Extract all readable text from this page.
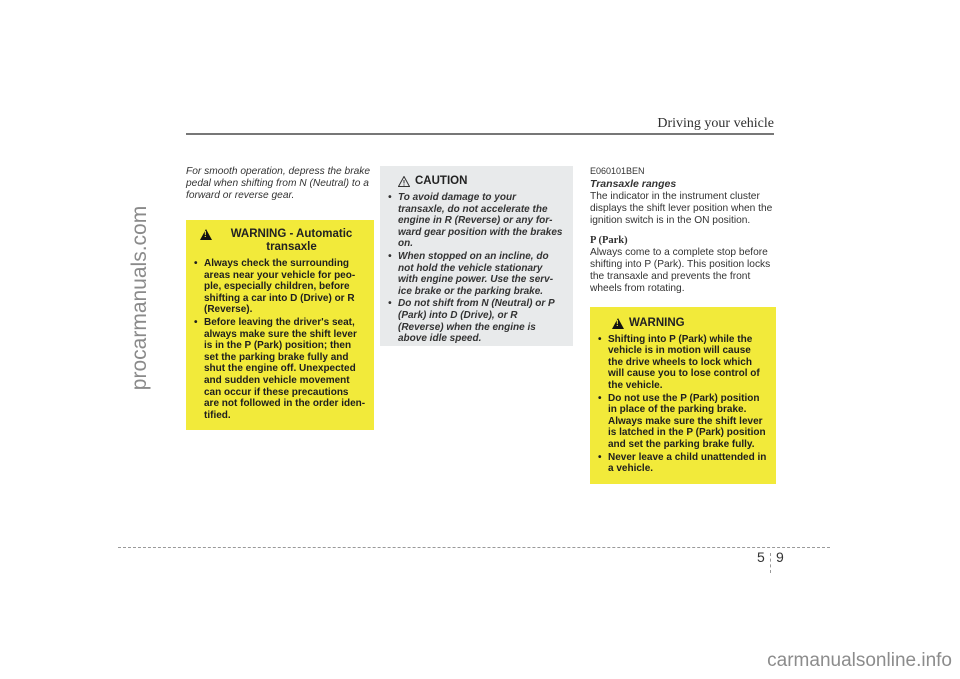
procarmanuals.com
Driving your vehicle

For smooth operation, depress the brake pedal when shifting from N (Neutral) to a forward or reverse gear.

!
WARNING - Automatic
transaxle
• Always check the surrounding areas near your vehicle for peo-ple, especially children, before shifting a car into D (Drive) or R (Reverse).
• Before leaving the driver's seat, always make sure the shift lever is in the P (Park) position; then set the parking brake fully and shut the engine off. Unexpected and sudden vehicle movement can occur if these precautions are not followed in the order iden-tified.
CAUTION
• To avoid damage to your transaxle, do not accelerate the engine in R (Reverse) or any for-ward gear position with the brakes on.
• When stopped on an incline, do not hold the vehicle stationary with engine power. Use the serv-ice brake or the parking brake.
• Do not shift from N (Neutral) or P (Park) into D (Drive), or R (Reverse) when the engine is above idle speed.

E060101BEN

Transaxle ranges

The indicator in the instrument cluster displays the shift lever position when the ignition switch is in the ON position.

P (Park)

Always come to a complete stop before shifting into P (Park). This position locks the transaxle and prevents the front wheels from rotating.

!
WARNING
• Shifting into P (Park) while the vehicle is in motion will cause the drive wheels to lock which will cause you to lose control of the vehicle.
• Do not use the P (Park) position in place of the parking brake. Always make sure the shift lever is latched in the P (Park) position and set the parking brake fully.
• Never leave a child unattended in a vehicle.
5 9
carmanualsonline.info
